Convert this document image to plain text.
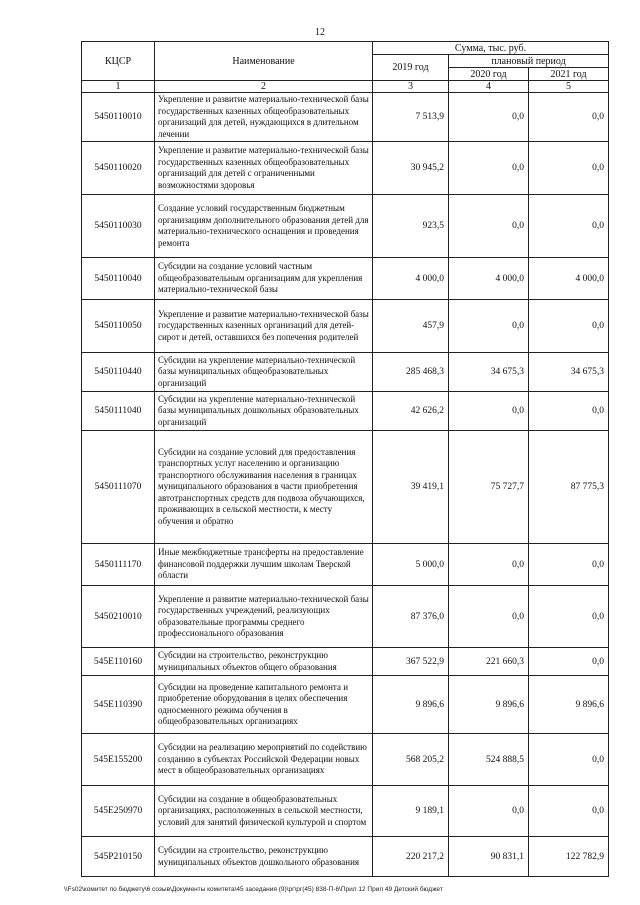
12
КЦСР	Наименование	Сумма, тыс. руб.		
		2019 год	плановый период	
			2020 год	2021 год
1	2	3	4	5
5450110010	Укрепление и развитие материально-технической базы государственных казенных общеобразовательных организаций для детей, нуждающихся в длительном лечении	7 513,9	0,0	0,0
5450110020	Укрепление и развитие материально-технической базы государственных казенных общеобразовательных организаций для детей с ограниченными возможностями здоровья	30 945,2	0,0	0,0
5450110030	Создание условий государственным бюджетным организациям дополнительного образования детей для материально-технического оснащения и проведения ремонта	923,5	0,0	0,0
5450110040	Субсидии на создание условий частным общеобразовательным организациям для укрепления материально-технической базы	4 000,0	4 000,0	4 000,0
5450110050	Укрепление и развитие материально-технической базы государственных казенных организаций для детей-сирот и детей, оставшихся без попечения родителей	457,9	0,0	0,0
5450110440	Субсидии на укрепление материально-технической базы муниципальных общеобразовательных организаций	285 468,3	34 675,3	34 675,3
5450111040	Субсидии на укрепление материально-технической базы муниципальных дошкольных образовательных организаций	42 626,2	0,0	0,0
5450111070	Субсидии на создание условий для предоставления транспортных услуг населению и организацию транспортного обслуживания населения в границах муниципального образования в части приобретения автотранспортных средств для подвоза обучающихся, проживающих в сельской местности, к месту обучения и обратно	39 419,1	75 727,7	87 775,3
5450111170	Иные межбюджетные трансферты на предоставление финансовой поддержки лучшим школам Тверской области	5 000,0	0,0	0,0
5450210010	Укрепление и развитие материально-технической базы государственных учреждений, реализующих образовательные программы среднего профессионального образования	87 376,0	0,0	0,0
545E110160	Субсидии на строительство, реконструкцию муниципальных объектов общего образования	367 522,9	221 660,3	0,0
545E110390	Субсидии на проведение капитального ремонта и приобретение оборудования в целях обеспечения односменного режима обучения в общеобразовательных организациях	9 896,6	9 896,6	9 896,6
545E155200	Субсидии на реализацию мероприятий по содействию созданию в субъектах Российской Федерации новых мест в общеобразовательных организациях	568 205,2	524 888,5	0,0
545E250970	Субсидии на создание в общеобразовательных организациях, расположенных в сельской местности, условий для занятий физической культурой и спортом	9 189,1	0,0	0,0
545P210150	Субсидии на строительство, реконструкцию муниципальных объектов дошкольного образования	220 217,2	90 831,1	122 782,9
\\Fs02\комитет по бюджету\6 созыв\Документы комитета\45 заседания (9)\рг\рг(45) 838-П-6\Прил 12 Прил 49 Детский бюджет
